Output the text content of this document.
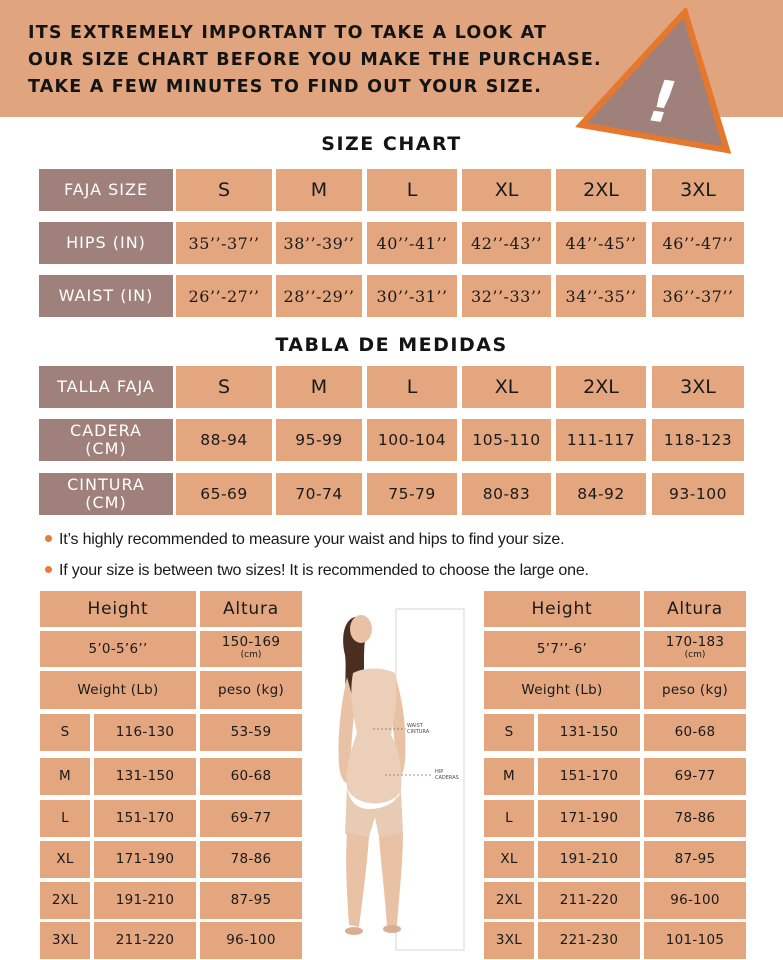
ITS EXTREMELY IMPORTANT TO TAKE A LOOK AT
OUR SIZE CHART BEFORE YOU MAKE THE PURCHASE.
TAKE A FEW MINUTES TO FIND OUT YOUR SIZE. !
SIZE CHART
FAJA SIZE	S	M	L	XL	2XL	3XL
HIPS (IN)	35’’-37’’	38’’-39’’	40’’-41’’	42’’-43’’	44’’-45’’	46’’-47’’
WAIST (IN)	26’’-27’’	28’’-29’’	30’’-31’’	32’’-33’’	34’’-35’’	36’’-37’’
TABLA DE MEDIDAS
TALLA FAJA	S	M	L	XL	2XL	3XL
CADERA
(CM)	88-94	95-99	100-104	105-110	111-117	118-123
CINTURA
(CM)	65-69	70-74	75-79	80-83	84-92	93-100
It’s highly recommended to measure your waist and hips to find your size.
If your size is between two sizes! It is recommended to choose the large one.
Height	Altura
5’0-5’6’’	150-169
(cm)
Weight (Lb)	peso (kg)
S	116-130	53-59
M	131-150	60-68
L	151-170	69-77
XL	171-190	78-86
2XL	191-210	87-95
3XL	211-220	96-100
Height	Altura
5’7’’-6’	170-183
(cm)
Weight (Lb)	peso (kg)
S	131-150	60-68
M	151-170	69-77
L	171-190	78-86
XL	191-210	87-95
2XL	211-220	96-100
3XL	221-230	101-105
WAIST
CINTURA
HIP
CADERAS
